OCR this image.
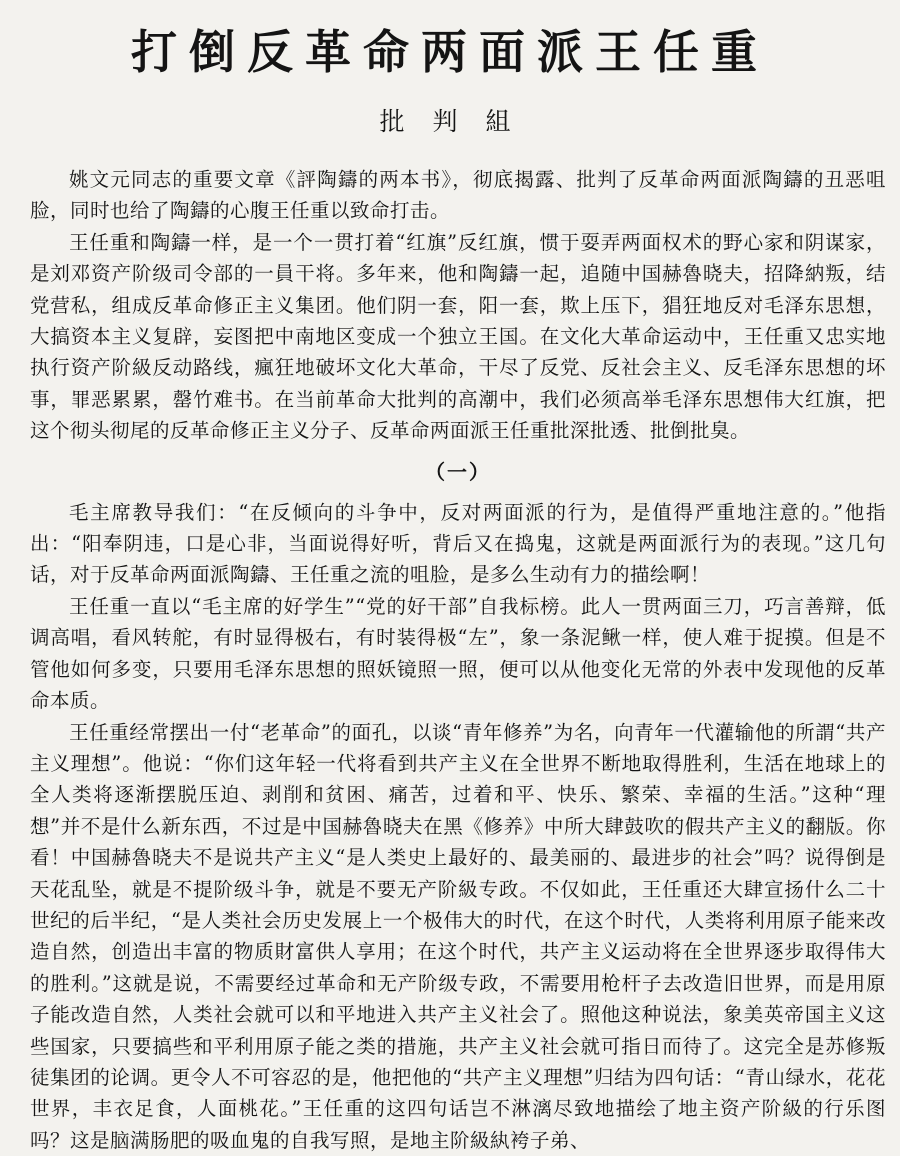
打倒反革命两面派王任重
批 判 組

姚文元同志的重要文章《評陶鑄的两本书》，彻底揭露、批判了反革命两面派陶鑄的丑恶咀脸，同时也给了陶鑄的心腹王任重以致命打击。

王任重和陶鑄一样，是一个一贯打着“红旗”反红旗，惯于耍弄两面权术的野心家和阴谋家，是刘邓资产阶级司令部的一員干将。多年来，他和陶鑄一起，追随中国赫魯晓夫，招降納叛，结党营私，组成反革命修正主义集团。他们阴一套，阳一套，欺上压下，猖狂地反对毛泽东思想，大搞资本主义复辟，妄图把中南地区变成一个独立王国。在文化大革命运动中，王任重又忠实地执行资产阶級反动路线，瘋狂地破坏文化大革命，干尽了反党、反社会主义、反毛泽东思想的坏事，罪恶累累，罄竹难书。在当前革命大批判的高潮中，我们必须高举毛泽东思想伟大红旗，把这个彻头彻尾的反革命修正主义分子、反革命两面派王任重批深批透、批倒批臭。

（一）

毛主席教导我们：“在反倾向的斗争中，反对两面派的行为，是值得严重地注意的。”他指出：“阳奉阴违，口是心非，当面说得好听，背后又在捣鬼，这就是两面派行为的表现。”这几句话，对于反革命两面派陶鑄、王任重之流的咀脸，是多么生动有力的描绘啊！

王任重一直以“毛主席的好学生”“党的好干部”自我标榜。此人一贯两面三刀，巧言善辩，低调高唱，看风转舵，有时显得极右，有时装得极“左”，象一条泥鳅一样，使人难于捉摸。但是不管他如何多变，只要用毛泽东思想的照妖镜照一照，便可以从他变化无常的外表中发现他的反革命本质。

王任重经常摆出一付“老革命”的面孔，以谈“青年修养”为名，向青年一代灌输他的所謂“共产主义理想”。他说：“你们这年轻一代将看到共产主义在全世界不断地取得胜利，生活在地球上的全人类将逐渐摆脱压迫、剥削和贫困、痛苦，过着和平、快乐、繁荣、幸福的生活。”这种“理想”并不是什么新东西，不过是中国赫魯晓夫在黑《修养》中所大肆鼓吹的假共产主义的翻版。你看！中国赫魯晓夫不是说共产主义“是人类史上最好的、最美丽的、最进步的社会”吗？说得倒是天花乱坠，就是不提阶级斗争，就是不要无产阶級专政。不仅如此，王任重还大肆宣扬什么二十世纪的后半纪，“是人类社会历史发展上一个极伟大的时代，在这个时代，人类将利用原子能来改造自然，创造出丰富的物质財富供人享用；在这个时代，共产主义运动将在全世界逐步取得伟大的胜利。”这就是说，不需要经过革命和无产阶级专政，不需要用枪杆子去改造旧世界，而是用原子能改造自然，人类社会就可以和平地进入共产主义社会了。照他这种说法，象美英帝国主义这些国家，只要搞些和平利用原子能之类的措施，共产主义社会就可指日而待了。这完全是苏修叛徒集团的论调。更令人不可容忍的是，他把他的“共产主义理想”归结为四句话：“青山绿水，花花世界，丰衣足食，人面桃花。”王任重的这四句话岂不淋漓尽致地描绘了地主资产阶級的行乐图吗？这是脑满肠肥的吸血鬼的自我写照，是地主阶級紈袴子弟、
